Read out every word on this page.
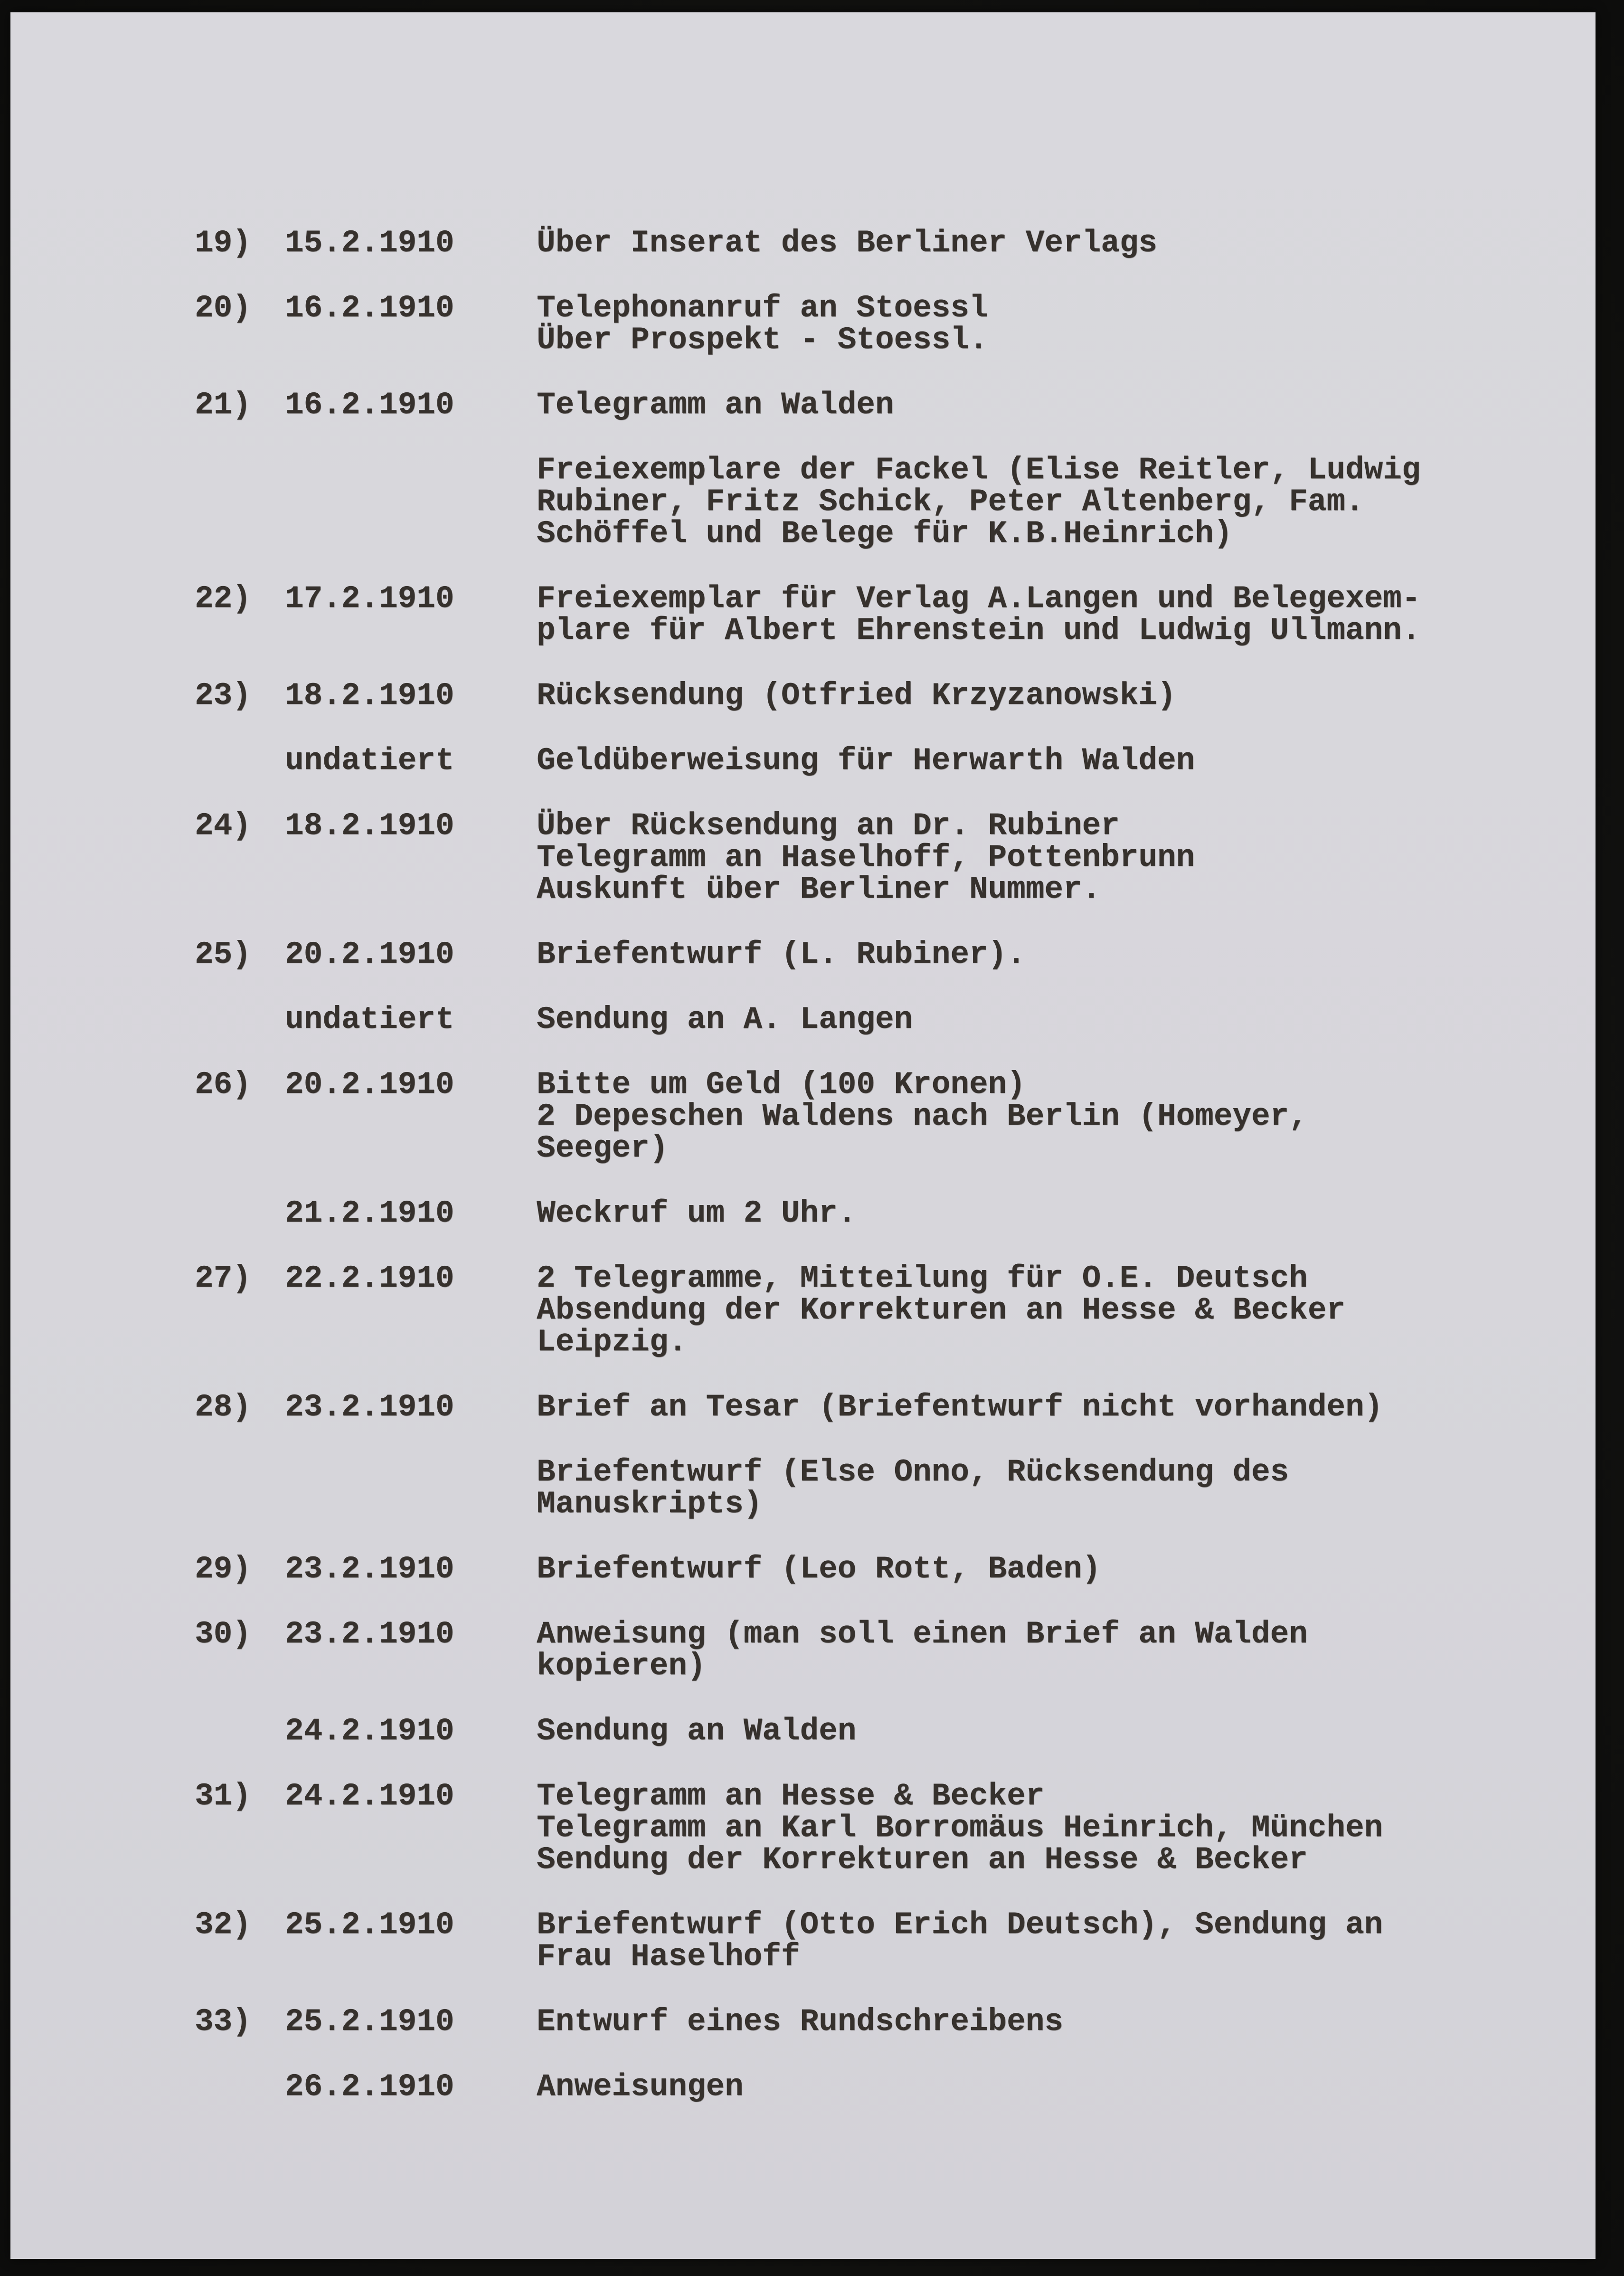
19)	15.2.1910	Über Inserat des Berliner Verlags
20)	16.2.1910	Telephonanruf an Stoessl
Über Prospekt - Stoessl.
21)	16.2.1910	Telegramm an Walden
Freiexemplare der Fackel (Elise Reitler, Ludwig
Rubiner, Fritz Schick, Peter Altenberg, Fam.
Schöffel und Belege für K.B.Heinrich)
22)	17.2.1910	Freiexemplar für Verlag A.Langen und Belegexem-
plare für Albert Ehrenstein und Ludwig Ullmann.
23)	18.2.1910	Rücksendung (Otfried Krzyzanowski)
undatiert	Geldüberweisung für Herwarth Walden
24)	18.2.1910	Über Rücksendung an Dr. Rubiner
Telegramm an Haselhoff, Pottenbrunn
Auskunft über Berliner Nummer.
25)	20.2.1910	Briefentwurf (L. Rubiner).
undatiert	Sendung an A. Langen
26)	20.2.1910	Bitte um Geld (100 Kronen)
2 Depeschen Waldens nach Berlin (Homeyer,
Seeger)
21.2.1910	Weckruf um 2 Uhr.
27)	22.2.1910	2 Telegramme, Mitteilung für O.E. Deutsch
Absendung der Korrekturen an Hesse & Becker
Leipzig.
28)	23.2.1910	Brief an Tesar (Briefentwurf nicht vorhanden)
Briefentwurf (Else Onno, Rücksendung des
Manuskripts)
29)	23.2.1910	Briefentwurf (Leo Rott, Baden)
30)	23.2.1910	Anweisung (man soll einen Brief an Walden
kopieren)
24.2.1910	Sendung an Walden
31)	24.2.1910	Telegramm an Hesse & Becker
Telegramm an Karl Borromäus Heinrich, München
Sendung der Korrekturen an Hesse & Becker
32)	25.2.1910	Briefentwurf (Otto Erich Deutsch), Sendung an
Frau Haselhoff
33)	25.2.1910	Entwurf eines Rundschreibens
26.2.1910	Anweisungen
